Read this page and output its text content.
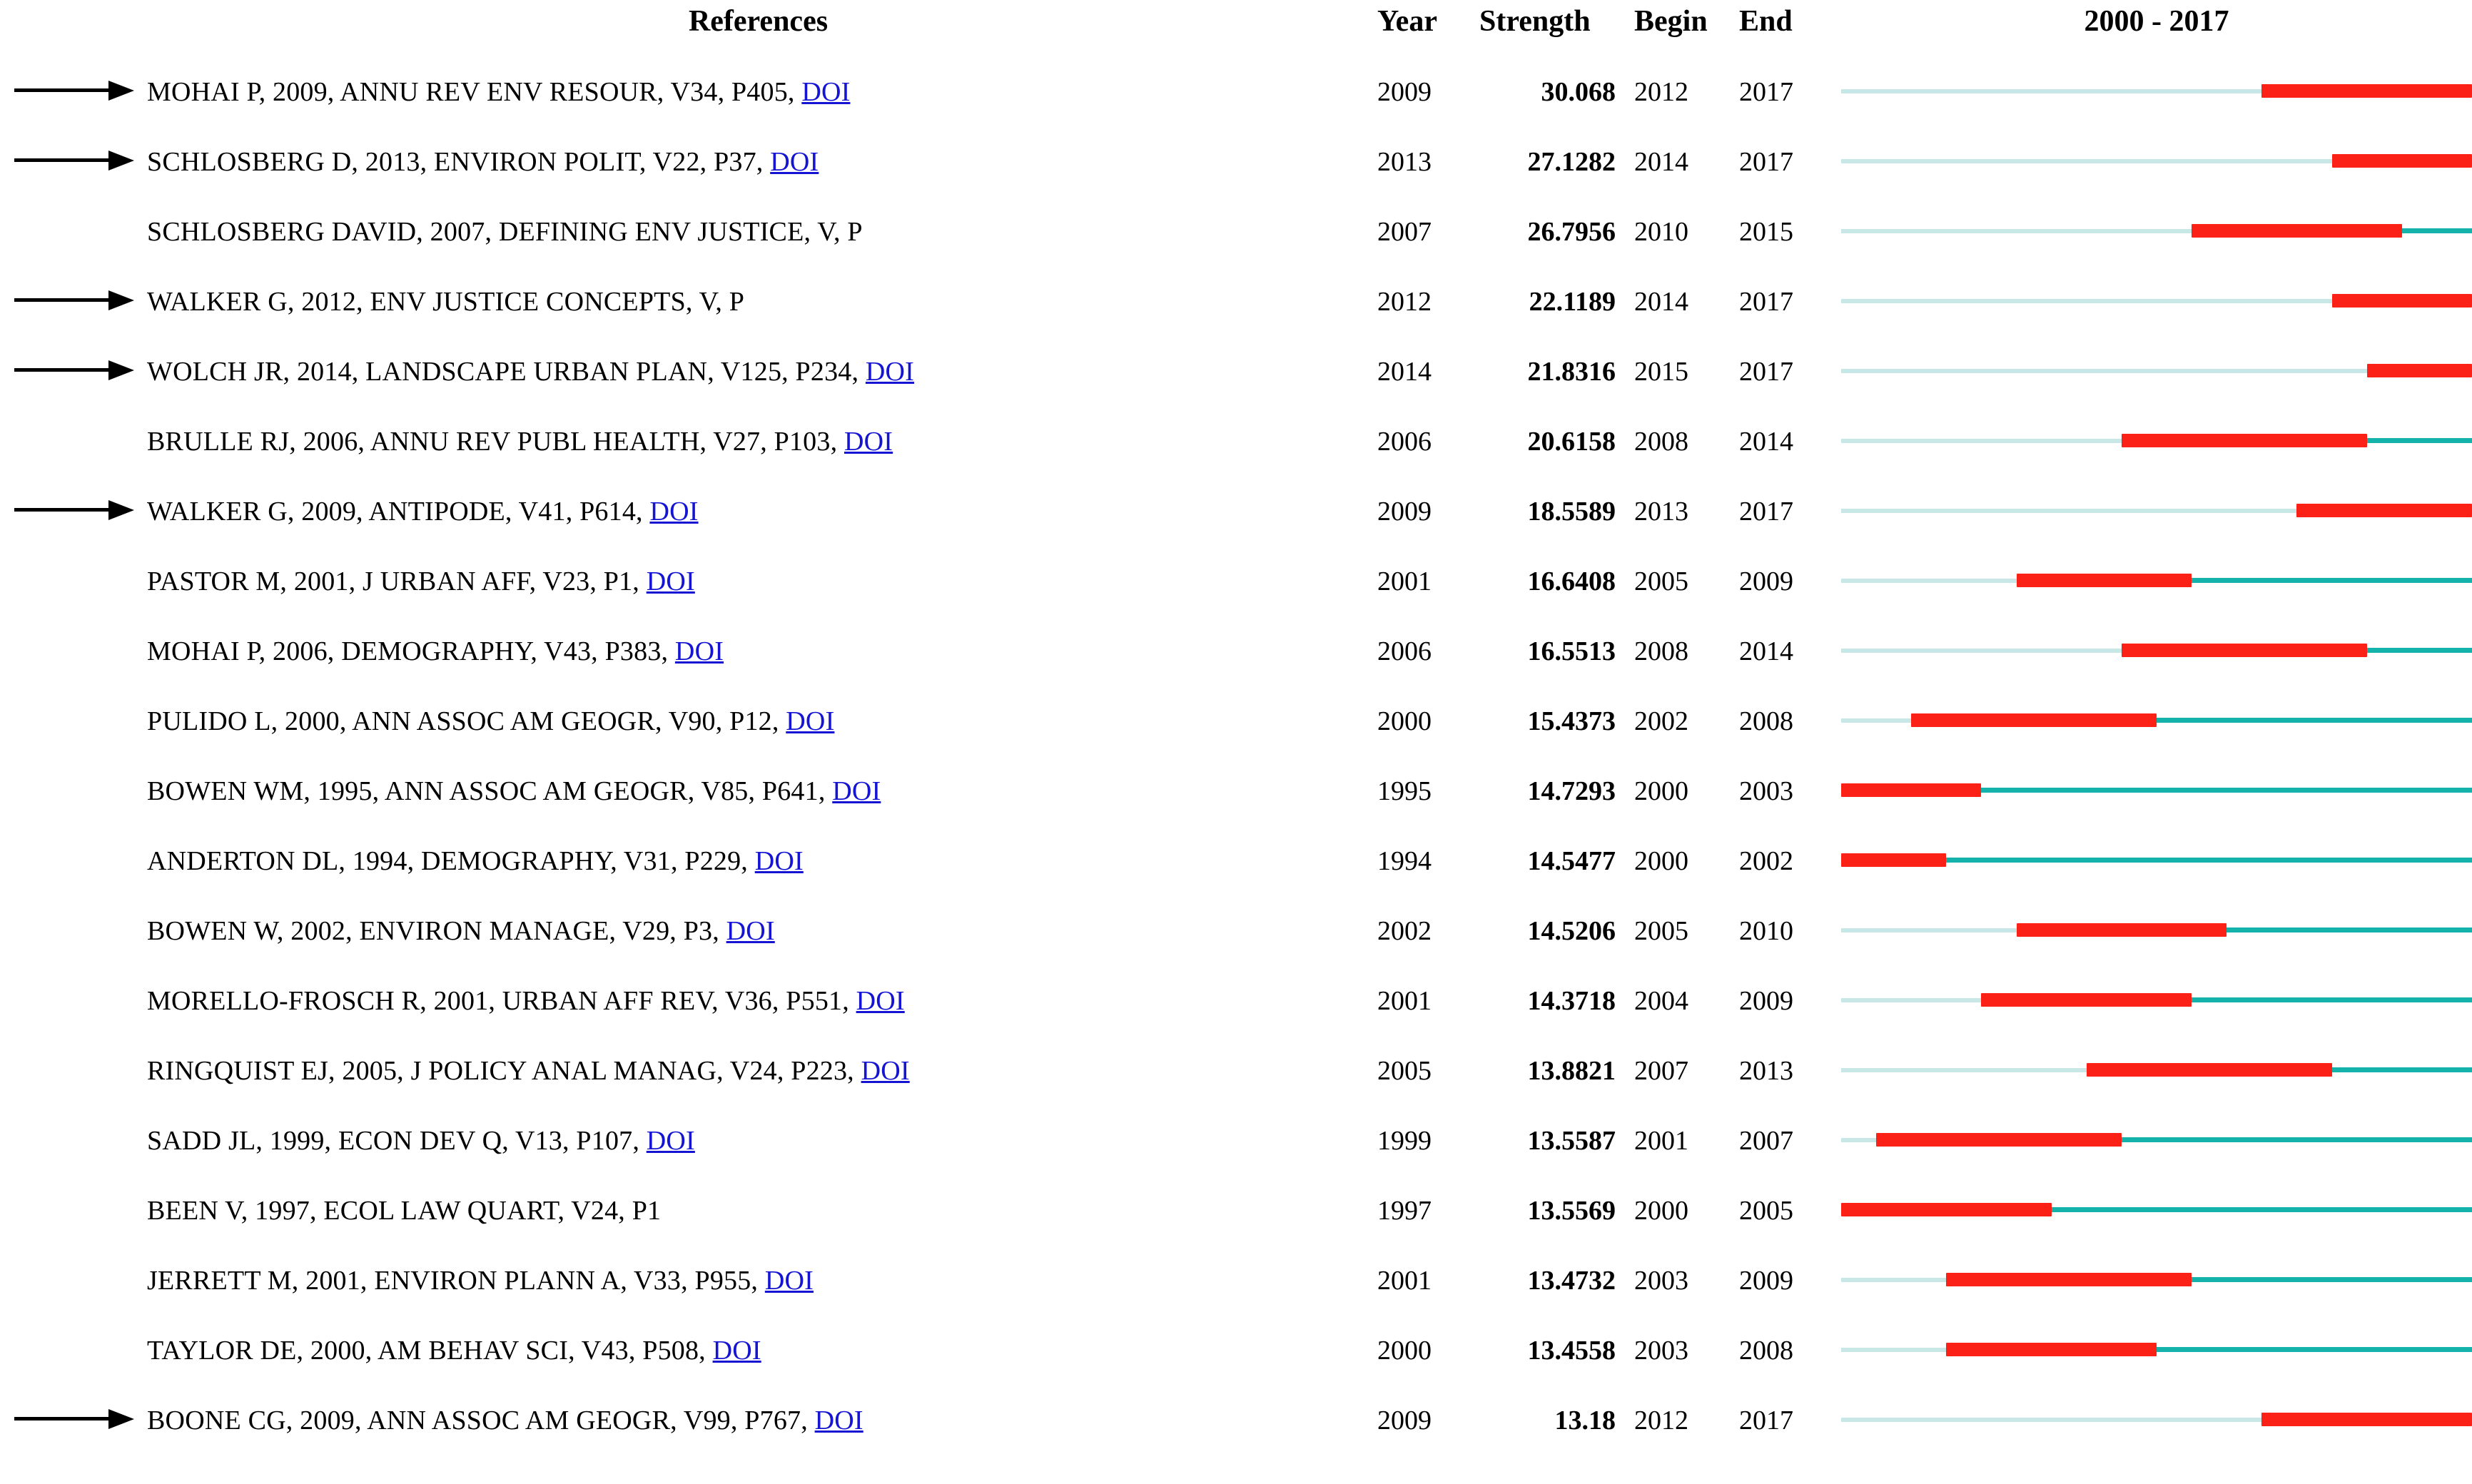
	References	Year	Strength	Begin	End	2000 - 2017

	MOHAI P, 2009, ANNU REV ENV RESOUR, V34, P405, DOI	2009	30.068	2012	2017	

	SCHLOSBERG D, 2013, ENVIRON POLIT, V22, P37, DOI	2013	27.1282	2014	2017	

	SCHLOSBERG DAVID, 2007, DEFINING ENV JUSTICE, V, P	2007	26.7956	2010	2015	

	WALKER G, 2012, ENV JUSTICE CONCEPTS, V, P	2012	22.1189	2014	2017	

	WOLCH JR, 2014, LANDSCAPE URBAN PLAN, V125, P234, DOI	2014	21.8316	2015	2017	

	BRULLE RJ, 2006, ANNU REV PUBL HEALTH, V27, P103, DOI	2006	20.6158	2008	2014	

	WALKER G, 2009, ANTIPODE, V41, P614, DOI	2009	18.5589	2013	2017	

	PASTOR M, 2001, J URBAN AFF, V23, P1, DOI	2001	16.6408	2005	2009	

	MOHAI P, 2006, DEMOGRAPHY, V43, P383, DOI	2006	16.5513	2008	2014	

	PULIDO L, 2000, ANN ASSOC AM GEOGR, V90, P12, DOI	2000	15.4373	2002	2008	

	BOWEN WM, 1995, ANN ASSOC AM GEOGR, V85, P641, DOI	1995	14.7293	2000	2003	

	ANDERTON DL, 1994, DEMOGRAPHY, V31, P229, DOI	1994	14.5477	2000	2002	

	BOWEN W, 2002, ENVIRON MANAGE, V29, P3, DOI	2002	14.5206	2005	2010	

	MORELLO-FROSCH R, 2001, URBAN AFF REV, V36, P551, DOI	2001	14.3718	2004	2009	

	RINGQUIST EJ, 2005, J POLICY ANAL MANAG, V24, P223, DOI	2005	13.8821	2007	2013	

	SADD JL, 1999, ECON DEV Q, V13, P107, DOI	1999	13.5587	2001	2007	

	BEEN V, 1997, ECOL LAW QUART, V24, P1	1997	13.5569	2000	2005	

	JERRETT M, 2001, ENVIRON PLANN A, V33, P955, DOI	2001	13.4732	2003	2009	

	TAYLOR DE, 2000, AM BEHAV SCI, V43, P508, DOI	2000	13.4558	2003	2008	

	BOONE CG, 2009, ANN ASSOC AM GEOGR, V99, P767, DOI	2009	13.18	2012	2017	
